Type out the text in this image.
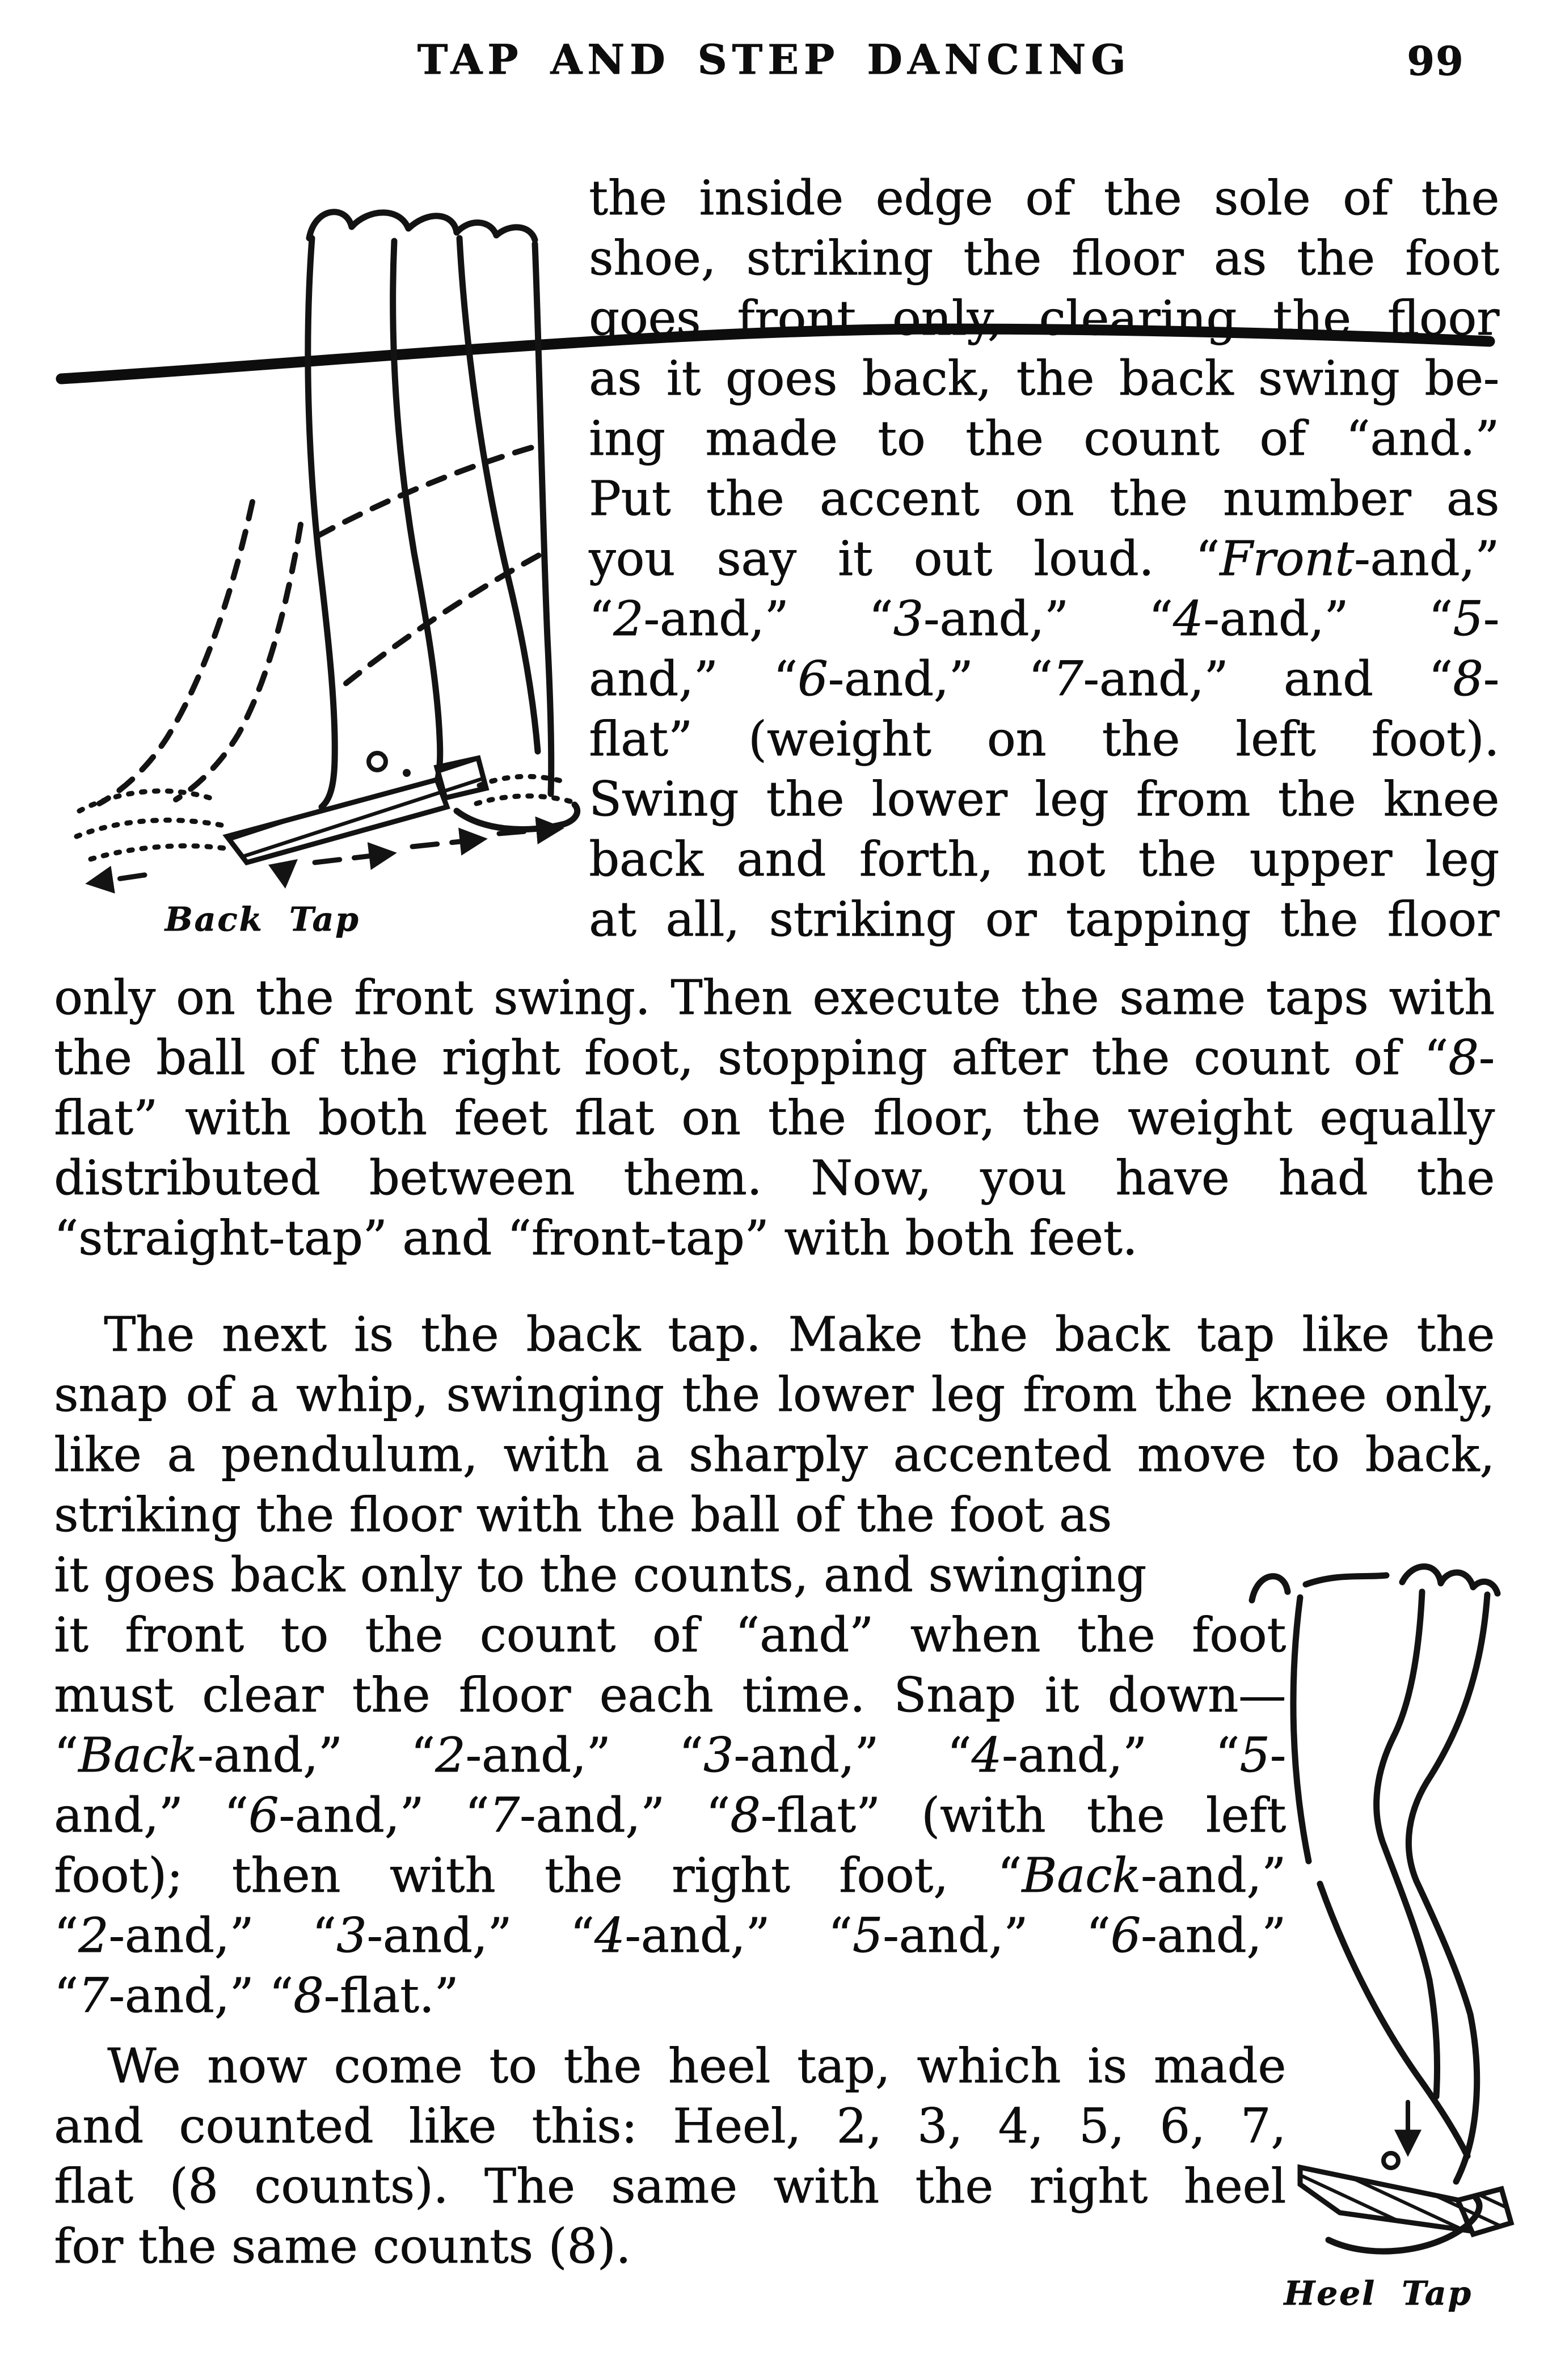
TAP AND STEP DANCING	99
Back Tap
Heel Tap
the inside edge of the sole of the
shoe, striking the floor as the foot
goes front only, clearing the floor
as it goes back, the back swing be-
ing made to the count of “and.”
Put the accent on the number as
you say it out loud. “Front-and,”
“2-and,” “3-and,” “4-and,” “5-
and,” “6-and,” “7-and,” and “8-
flat” (weight on the left foot).
Swing the lower leg from the knee
back and forth, not the upper leg
at all, striking or tapping the floor
only on the front swing. Then execute the same taps with
the ball of the right foot, stopping after the count of “8-
flat” with both feet flat on the floor, the weight equally
distributed between them. Now, you have had the
“straight-tap” and “front-tap” with both feet.
The next is the back tap. Make the back tap like the
snap of a whip, swinging the lower leg from the knee only,
like a pendulum, with a sharply accented move to back,
striking the floor with the ball of the foot as
it goes back only to the counts, and swinging
it front to the count of “and” when the foot
must clear the floor each time. Snap it down—
“Back-and,” “2-and,” “3-and,” “4-and,” “5-
and,” “6-and,” “7-and,” “8-flat” (with the left
foot); then with the right foot, “Back-and,”
“2-and,” “3-and,” “4-and,” “5-and,” “6-and,”
“7-and,” “8-flat.”
We now come to the heel tap, which is made
and counted like this: Heel, 2, 3, 4, 5, 6, 7,
flat (8 counts). The same with the right heel
for the same counts (8).
